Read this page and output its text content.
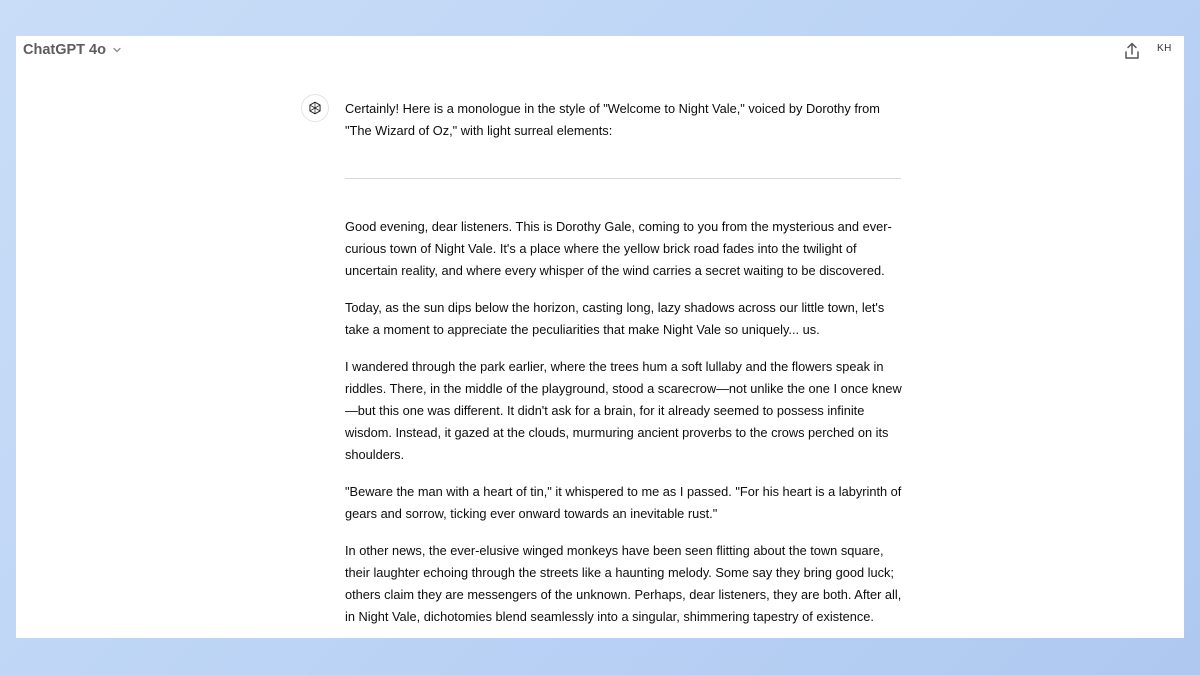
ChatGPT 4o	KH

Certainly! Here is a monologue in the style of "Welcome to Night Vale," voiced by Dorothy from "The Wizard of Oz," with light surreal elements:

Good evening, dear listeners. This is Dorothy Gale, coming to you from the mysterious and ever-curious town of Night Vale. It's a place where the yellow brick road fades into the twilight of uncertain reality, and where every whisper of the wind carries a secret waiting to be discovered.

Today, as the sun dips below the horizon, casting long, lazy shadows across our little town, let's take a moment to appreciate the peculiarities that make Night Vale so uniquely... us.

I wandered through the park earlier, where the trees hum a soft lullaby and the flowers speak in riddles. There, in the middle of the playground, stood a scarecrow—not unlike the one I once knew—but this one was different. It didn't ask for a brain, for it already seemed to possess infinite wisdom. Instead, it gazed at the clouds, murmuring ancient proverbs to the crows perched on its shoulders.

"Beware the man with a heart of tin," it whispered to me as I passed. "For his heart is a labyrinth of gears and sorrow, ticking ever onward towards an inevitable rust."

In other news, the ever-elusive winged monkeys have been seen flitting about the town square, their laughter echoing through the streets like a haunting melody. Some say they bring good luck; others claim they are messengers of the unknown. Perhaps, dear listeners, they are both. After all, in Night Vale, dichotomies blend seamlessly into a singular, shimmering tapestry of existence.
